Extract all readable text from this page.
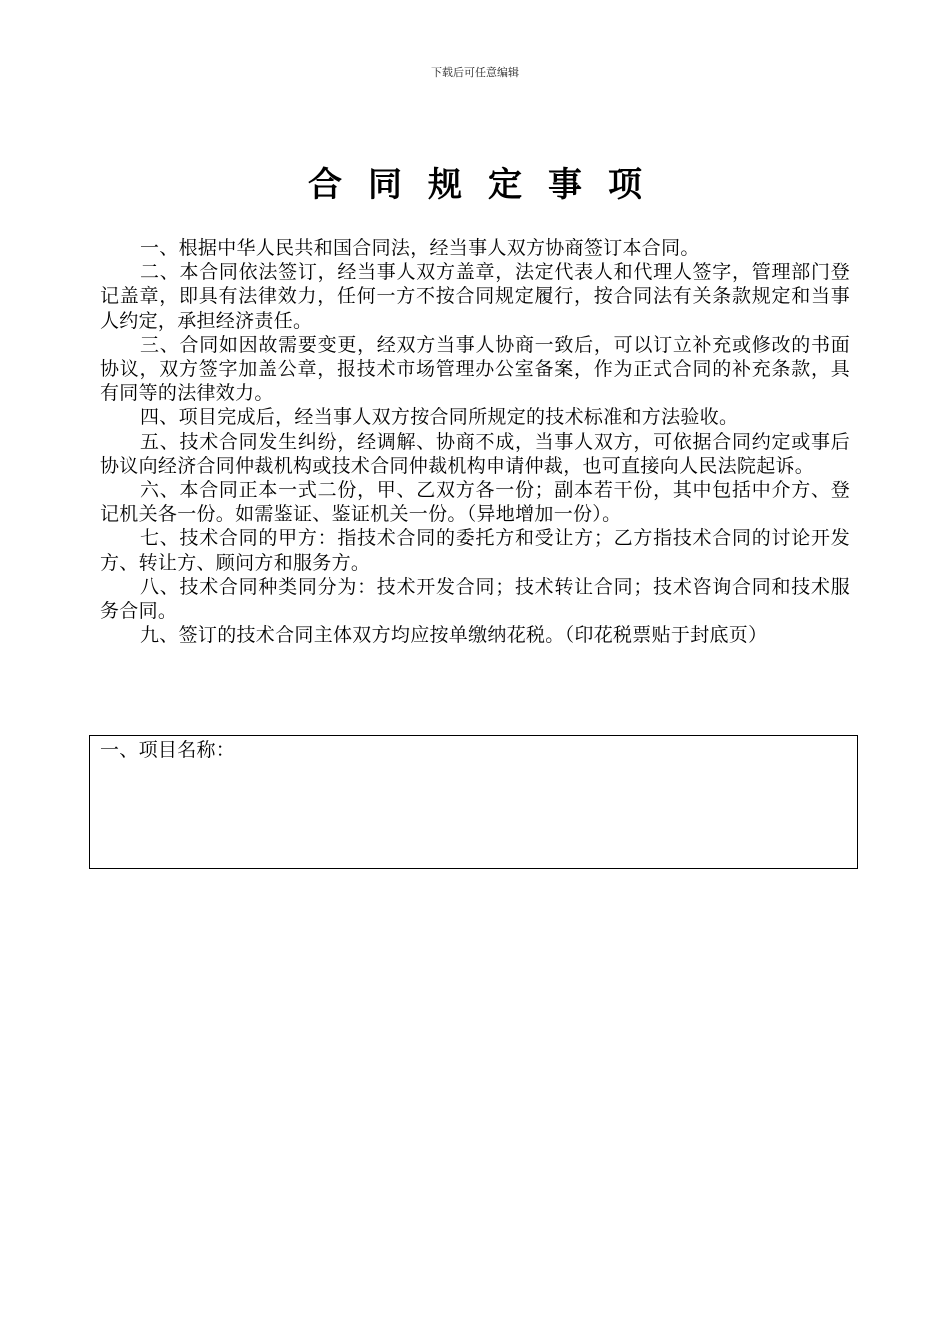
下载后可任意编辑
合同规定事项

一、根据中华人民共和国合同法，经当事人双方协商签订本合同。

二、本合同依法签订，经当事人双方盖章，法定代表人和代理人签字，管理部门登记盖章，即具有法律效力，任何一方不按合同规定履行，按合同法有关条款规定和当事人约定，承担经济责任。

三、合同如因故需要变更，经双方当事人协商一致后，可以订立补充或修改的书面协议，双方签字加盖公章，报技术市场管理办公室备案，作为正式合同的补充条款，具有同等的法律效力。

四、项目完成后，经当事人双方按合同所规定的技术标准和方法验收。

五、技术合同发生纠纷，经调解、协商不成，当事人双方，可依据合同约定或事后协议向经济合同仲裁机构或技术合同仲裁机构申请仲裁，也可直接向人民法院起诉。

六、本合同正本一式二份，甲、乙双方各一份；副本若干份，其中包括中介方、登记机关各一份。如需鉴证、鉴证机关一份。（异地增加一份）。

七、技术合同的甲方：指技术合同的委托方和受让方；乙方指技术合同的讨论开发方、转让方、顾问方和服务方。

八、技术合同种类同分为：技术开发合同；技术转让合同；技术咨询合同和技术服务合同。

九、签订的技术合同主体双方均应按单缴纳花税。（印花税票贴于封底页）

一、项目名称：
